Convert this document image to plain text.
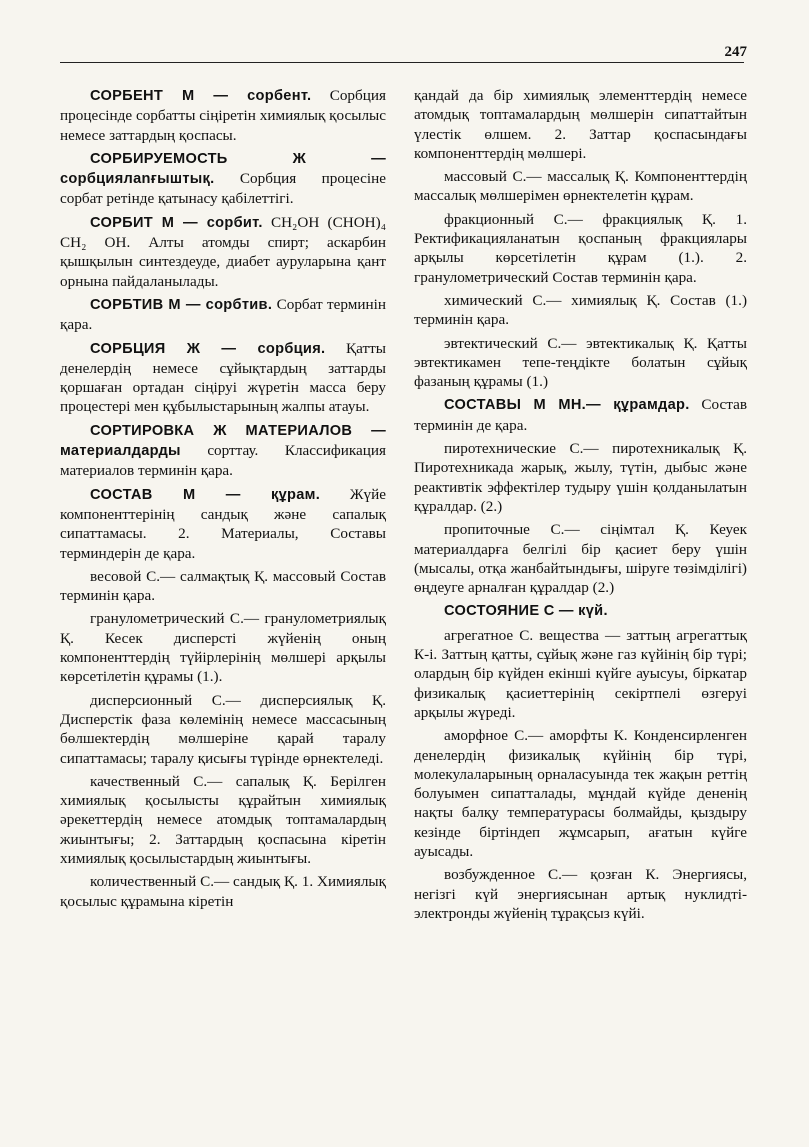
247

СОРБЕНТ М — сорбент. Сорбция процесінде сорбатты сіңіретін химиялық қосылыс немесе заттардың қоспасы.

СОРБИРУЕМОСТЬ Ж — сорбциялanғыштық. Сорбция процесіне сорбат ретінде қатынасу қабілеттігі.

СОРБИТ М — сорбит. CH₂OH (CHOH)₄ CH₂ OH. Алты атомды спирт; аскарбин қышқылын синтездеуде, диабет ауруларына қант орнына пайдаланылады.

СОРБТИВ М — сорбтив. Сорбат терминін қара.

СОРБЦИЯ Ж — сорбция. Қатты денелердің немесе сұйықтардың заттарды қоршаған ортадан сіңіруі жүретін масса беру процестері мен құбылыстарының жалпы атауы.

СОРТИРОВКА Ж МАТЕРИАЛОВ — материалдарды сорттау. Классификация материалов терминін қара.

СОСТАВ М — құрам. Жүйе компоненттерінің сандық және сапалық сипаттамасы. 2. Материалы, Составы терминдерін де қара.

весовой С.— салмақтық Қ. массовый Состав терминін қара.

гранулометрический С.— гранулометриялық Қ. Кесек дисперсті жүйенің оның компоненттердің түйірлерінің мөлшері арқылы көрсетілетін құрамы (1.).

дисперсионный С.— дисперсиялық Қ. Дисперстік фаза көлемінің немесе массасының бөлшектердің мөлшеріне қарай таралу сипаттамасы; таралу қисығы түрінде өрнектеледі.

качественный С.— сапалық Қ. Берілген химиялық қосылысты құрайтын химиялық әрекеттердің немесе атомдық топтамалардың жиынтығы; 2. Заттардың қоспасына кіретін химиялық қосылыстардың жиынтығы.

количественный С.— сандық Қ. 1. Химиялық қосылыс құрамына кіретін

қандай да бір химиялық элементтердің немесе атомдық топтамалардың мөлшерін сипаттайтын үлестік өлшем. 2. Заттар қоспасындағы компоненттердің мөлшері.

массовый С.— массалық Қ. Компоненттердің массалық мөлшерімен өрнектелетін құрам.

фракционный С.— фракциялық Қ. 1. Ректификацияланатын қоспаның фракциялары арқылы көрсетілетін құрам (1.). 2. гранулометрический Состав терминін қара.

химический С.— химиялық Қ. Состав (1.) терминін қара.

эвтектический С.— эвтектикалық Қ. Қатты эвтектикамен тепе-теңдікте болатын сұйық фазаның құрамы (1.)

СОСТАВЫ М МН.— құрамдар. Состав терминін де қара.

пиротехнические С.— пиротехникалық Қ. Пиротехникада жарық, жылу, түтін, дыбыс және реактивтік эффектілер тудыру үшін қолданылатын құралдар. (2.)

пропиточные С.— сіңімтал Қ. Кеуек материалдарға белгілі бір қасиет беру үшін (мысалы, отқа жанбайтындығы, шіруге төзімділігі) өңдеуге арналған құралдар (2.)

СОСТОЯНИЕ С — күй.

агрегатное С. вещества — заттың агрегаттық К-і. Заттың қатты, сұйық және газ күйінің бір түрі; олардың бір күйден екінші күйге ауысуы, біркатар физикалық қасиеттерінің секіртпелі өзгеруі арқылы жүреді.

аморфное С.— аморфты К. Конденсирленген денелердің физикалық күйінің бір түрі, молекулаларының орналасуында тек жақын реттің болуымен сипатталады, мұндай күйде дененің нақты балқу температурасы болмайды, қыздыру кезінде біртіндеп жұмсарып, ағатын күйге ауысады.

возбужденное С.— қозған К. Энергиясы, негізгі күй энергиясынан артық нуклидті-электронды жүйенің тұрақсыз күйі.
